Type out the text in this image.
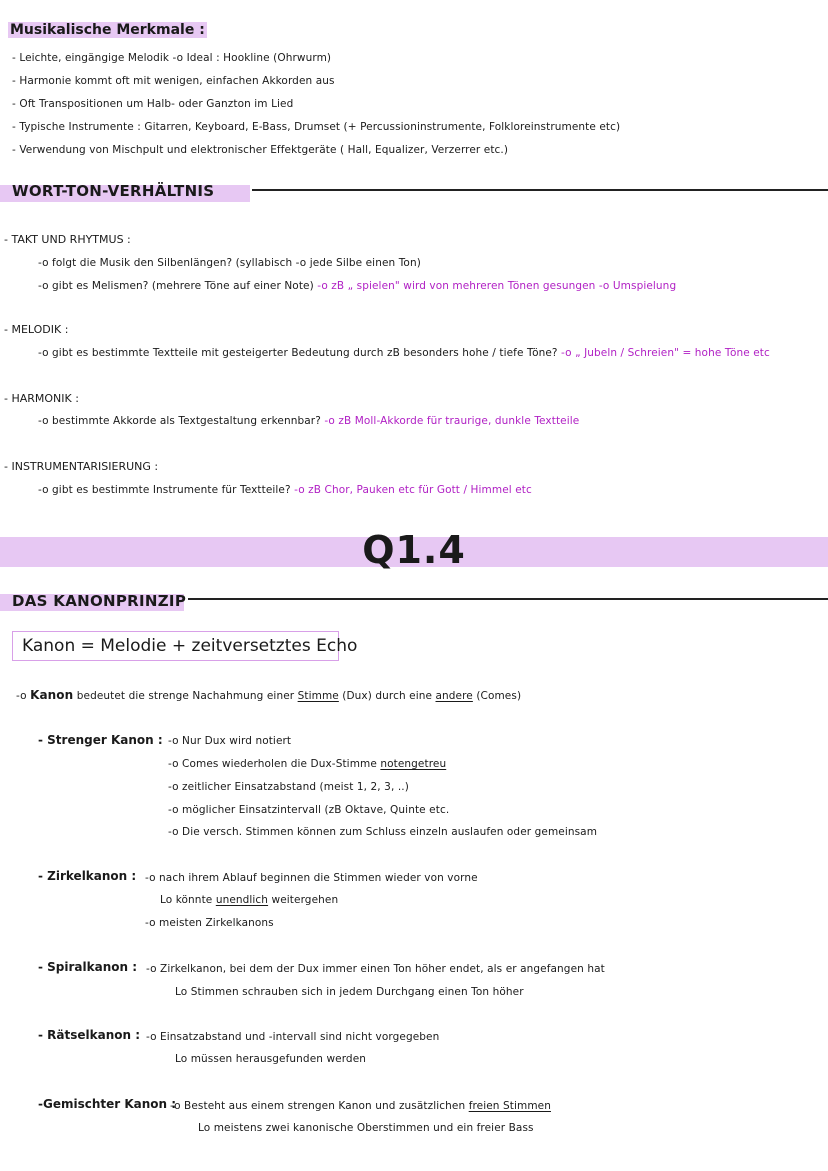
Musikalische Merkmale :
- Leichte, eingängige Melodik -o Ideal : Hookline (Ohrwurm)
- Harmonie kommt oft mit wenigen, einfachen Akkorden aus
- Oft Transpositionen um Halb- oder Ganzton im Lied
- Typische Instrumente : Gitarren, Keyboard, E-Bass, Drumset (+ Percussioninstrumente, Folkloreinstrumente etc)
- Verwendung von Mischpult und elektronischer Effektgeräte ( Hall, Equalizer, Verzerrer etc.)
WORT-TON-VERHÄLTNIS
- TAKT UND RHYTMUS :
-o folgt die Musik den Silbenlängen? (syllabisch -o jede Silbe einen Ton)
-o gibt es Melismen? (mehrere Töne auf einer Note) -o zB „ spielen" wird von mehreren Tönen gesungen -o Umspielung
- MELODIK :
-o gibt es bestimmte Textteile mit gesteigerter Bedeutung durch zB besonders hohe / tiefe Töne? -o „ Jubeln / Schreien" = hohe Töne etc
- HARMONIK :
-o bestimmte Akkorde als Textgestaltung erkennbar? -o zB Moll-Akkorde für traurige, dunkle Textteile
- INSTRUMENTARISIERUNG :
-o gibt es bestimmte Instrumente für Textteile? -o zB Chor, Pauken etc für Gott / Himmel etc
Q1.4
DAS KANONPRINZIP
Kanon = Melodie + zeitversetztes Echo
-o Kanon bedeutet die strenge Nachahmung einer Stimme (Dux) durch eine andere (Comes)
- Strenger Kanon : -o Nur Dux wird notiert
-o Comes wiederholen die Dux-Stimme notengetreu
-o zeitlicher Einsatzabstand (meist 1, 2, 3, ..)
-o möglicher Einsatzintervall (zB Oktave, Quinte etc.
-o Die versch. Stimmen können zum Schluss einzeln auslaufen oder gemeinsam
- Zirkelkanon : -o nach ihrem Ablauf beginnen die Stimmen wieder von vorne
Lo könnte unendlich weitergehen
-o meisten Zirkelkanons
- Spiralkanon : -o Zirkelkanon, bei dem der Dux immer einen Ton höher endet, als er angefangen hat
Lo Stimmen schrauben sich in jedem Durchgang einen Ton höher
- Rätselkanon : -o Einsatzabstand und -intervall sind nicht vorgegeben
Lo müssen herausgefunden werden
-Gemischter Kanon :
-o Besteht aus einem strengen Kanon und zusätzlichen freien Stimmen
Lo meistens zwei kanonische Oberstimmen und ein freier Bass
